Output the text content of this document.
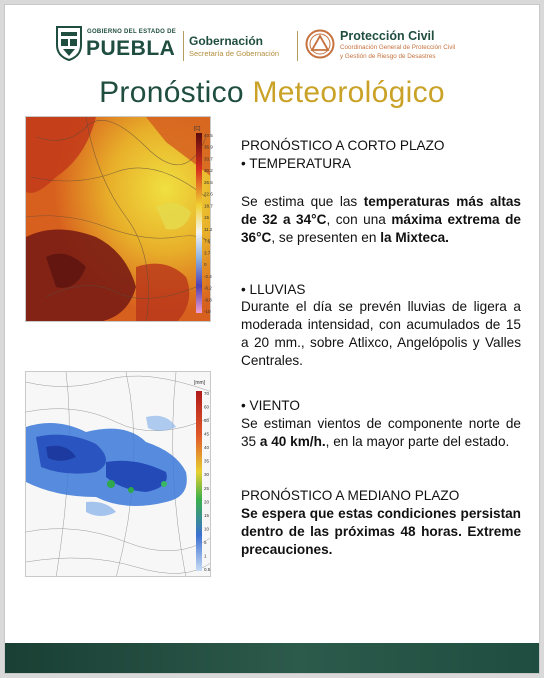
GOBIERNO DEL ESTADO DE
PUEBLA Gobernación
Secretaría de Gobernación
Protección Civil
Coordinación General de Protección Civil
y Gestión de Riesgo de Desastres
Pronóstico Meteorológico
[C]
40.5
36.9
33.7
30.2
26.5
22.6
18.7
15
11.2
7.5
3.7
0
-2.4
-6.2
-9.8
-10
[mm]
70
60
50
45
40
35
30
25
20
15
10
5
1
0.5
PRONÓSTICO A CORTO PLAZO
• TEMPERATURA
Se estima que las temperaturas más altas de 32 a 34°C, con una máxima extrema de 36°C, se presenten en la Mixteca.
• LLUVIAS
Durante el día se prevén lluvias de ligera a moderada intensidad, con acumulados de 15 a 20 mm., sobre Atlixco, Angelópolis y Valles Centrales.
• VIENTO
Se estiman vientos de componente norte de 35 a 40 km/h., en la mayor parte del estado.
PRONÓSTICO A MEDIANO PLAZO
Se espera que estas condiciones persistan dentro de las próximas 48 horas. Extreme precauciones.
